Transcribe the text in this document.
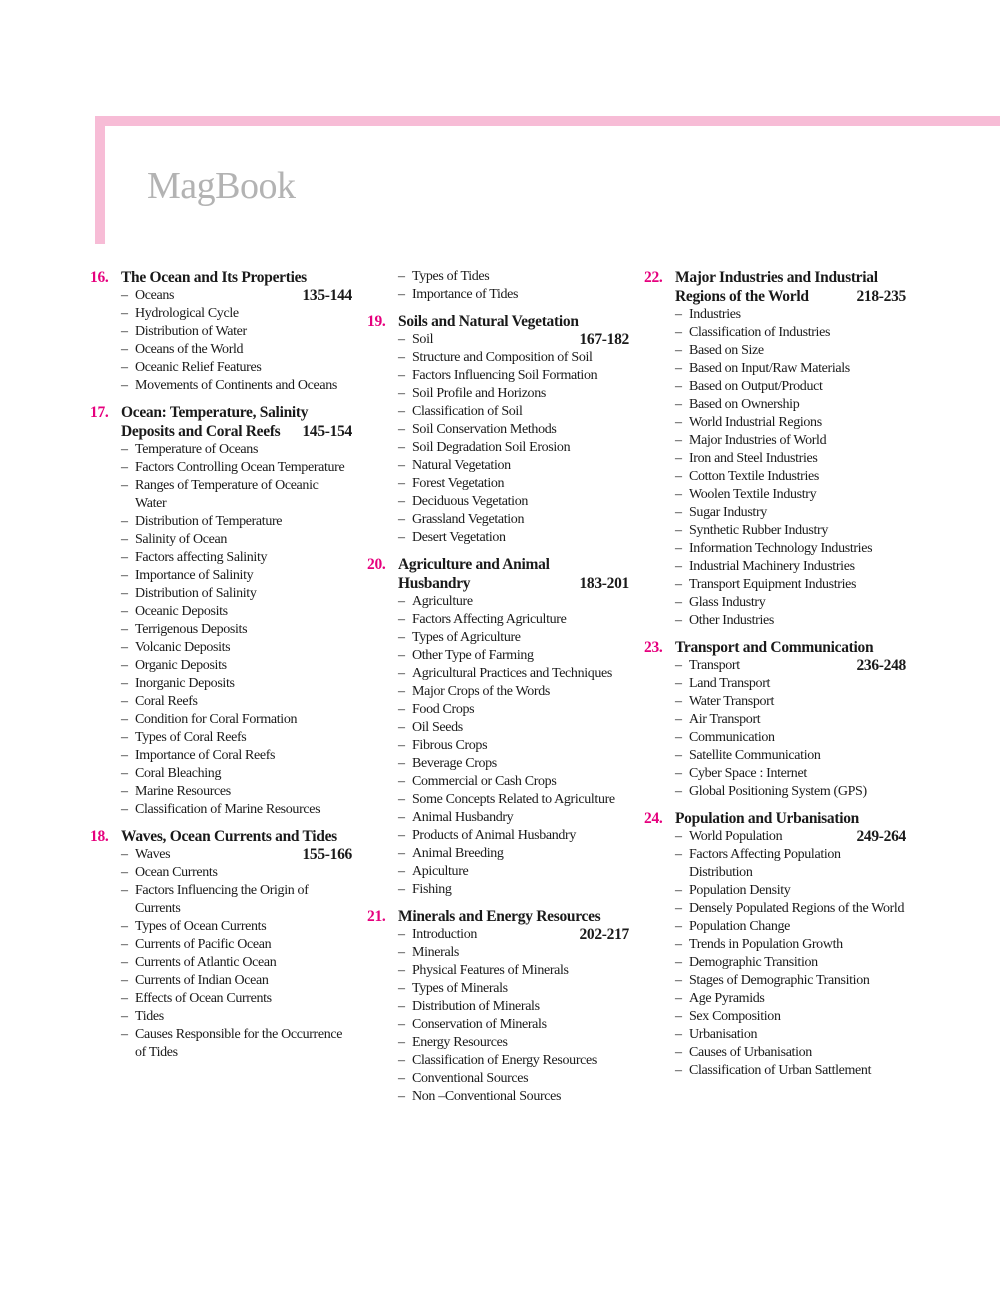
MagBook
16. The Ocean and Its Properties
– Oceans	135-144
– Hydrological Cycle
– Distribution of Water
– Oceans of the World
– Oceanic Relief Features
– Movements of Continents and Oceans
17. Ocean: Temperature, Salinity
Deposits and Coral Reefs 145-154
– Temperature of Oceans
– Factors Controlling Ocean Temperature
– Ranges of Temperature of Oceanic Water
– Distribution of Temperature
– Salinity of Ocean
– Factors affecting Salinity
– Importance of Salinity
– Distribution of Salinity
– Oceanic Deposits
– Terrigenous Deposits
– Volcanic Deposits
– Organic Deposits
– Inorganic Deposits
– Coral Reefs
– Condition for Coral Formation
– Types of Coral Reefs
– Importance of Coral Reefs
– Coral Bleaching
– Marine Resources
– Classification of Marine Resources
18. Waves, Ocean Currents and Tides
– Waves	155-166
– Ocean Currents
– Factors Influencing the Origin of Currents
– Types of Ocean Currents
– Currents of Pacific Ocean
– Currents of Atlantic Ocean
– Currents of Indian Ocean
– Effects of Ocean Currents
– Tides
– Causes Responsible for the Occurrence of Tides
– Types of Tides
– Importance of Tides
19. Soils and Natural Vegetation
– Soil	167-182
– Structure and Composition of Soil
– Factors Influencing Soil Formation
– Soil Profile and Horizons
– Classification of Soil
– Soil Conservation Methods
– Soil Degradation Soil Erosion
– Natural Vegetation
– Forest Vegetation
– Deciduous Vegetation
– Grassland Vegetation
– Desert Vegetation
20. Agriculture and Animal
Husbandry	183-201
– Agriculture
– Factors Affecting Agriculture
– Types of Agriculture
– Other Type of Farming
– Agricultural Practices and Techniques
– Major Crops of the Words
– Food Crops
– Oil Seeds
– Fibrous Crops
– Beverage Crops
– Commercial or Cash Crops
– Some Concepts Related to Agriculture
– Animal Husbandry
– Products of Animal Husbandry
– Animal Breeding
– Apiculture
– Fishing
21. Minerals and Energy Resources
– Introduction	202-217
– Minerals
– Physical Features of Minerals
– Types of Minerals
– Distribution of Minerals
– Conservation of Minerals
– Energy Resources
– Classification of Energy Resources
– Conventional Sources
– Non –Conventional Sources
22. Major Industries and Industrial
Regions of the World	218-235
– Industries
– Classification of Industries
– Based on Size
– Based on Input/Raw Materials
– Based on Output/Product
– Based on Ownership
– World Industrial Regions
– Major Industries of World
– Iron and Steel Industries
– Cotton Textile Industries
– Woolen Textile Industry
– Sugar Industry
– Synthetic Rubber Industry
– Information Technology Industries
– Industrial Machinery Industries
– Transport Equipment Industries
– Glass Industry
– Other Industries
23. Transport and Communication
– Transport	236-248
– Land Transport
– Water Transport
– Air Transport
– Communication
– Satellite Communication
– Cyber Space : Internet
– Global Positioning System (GPS)
24. Population and Urbanisation
– World Population	249-264
– Factors Affecting Population Distribution
– Population Density
– Densely Populated Regions of the World
– Population Change
– Trends in Population Growth
– Demographic Transition
– Stages of Demographic Transition
– Age Pyramids
– Sex Composition
– Urbanisation
– Causes of Urbanisation
– Classification of Urban Sattlement
